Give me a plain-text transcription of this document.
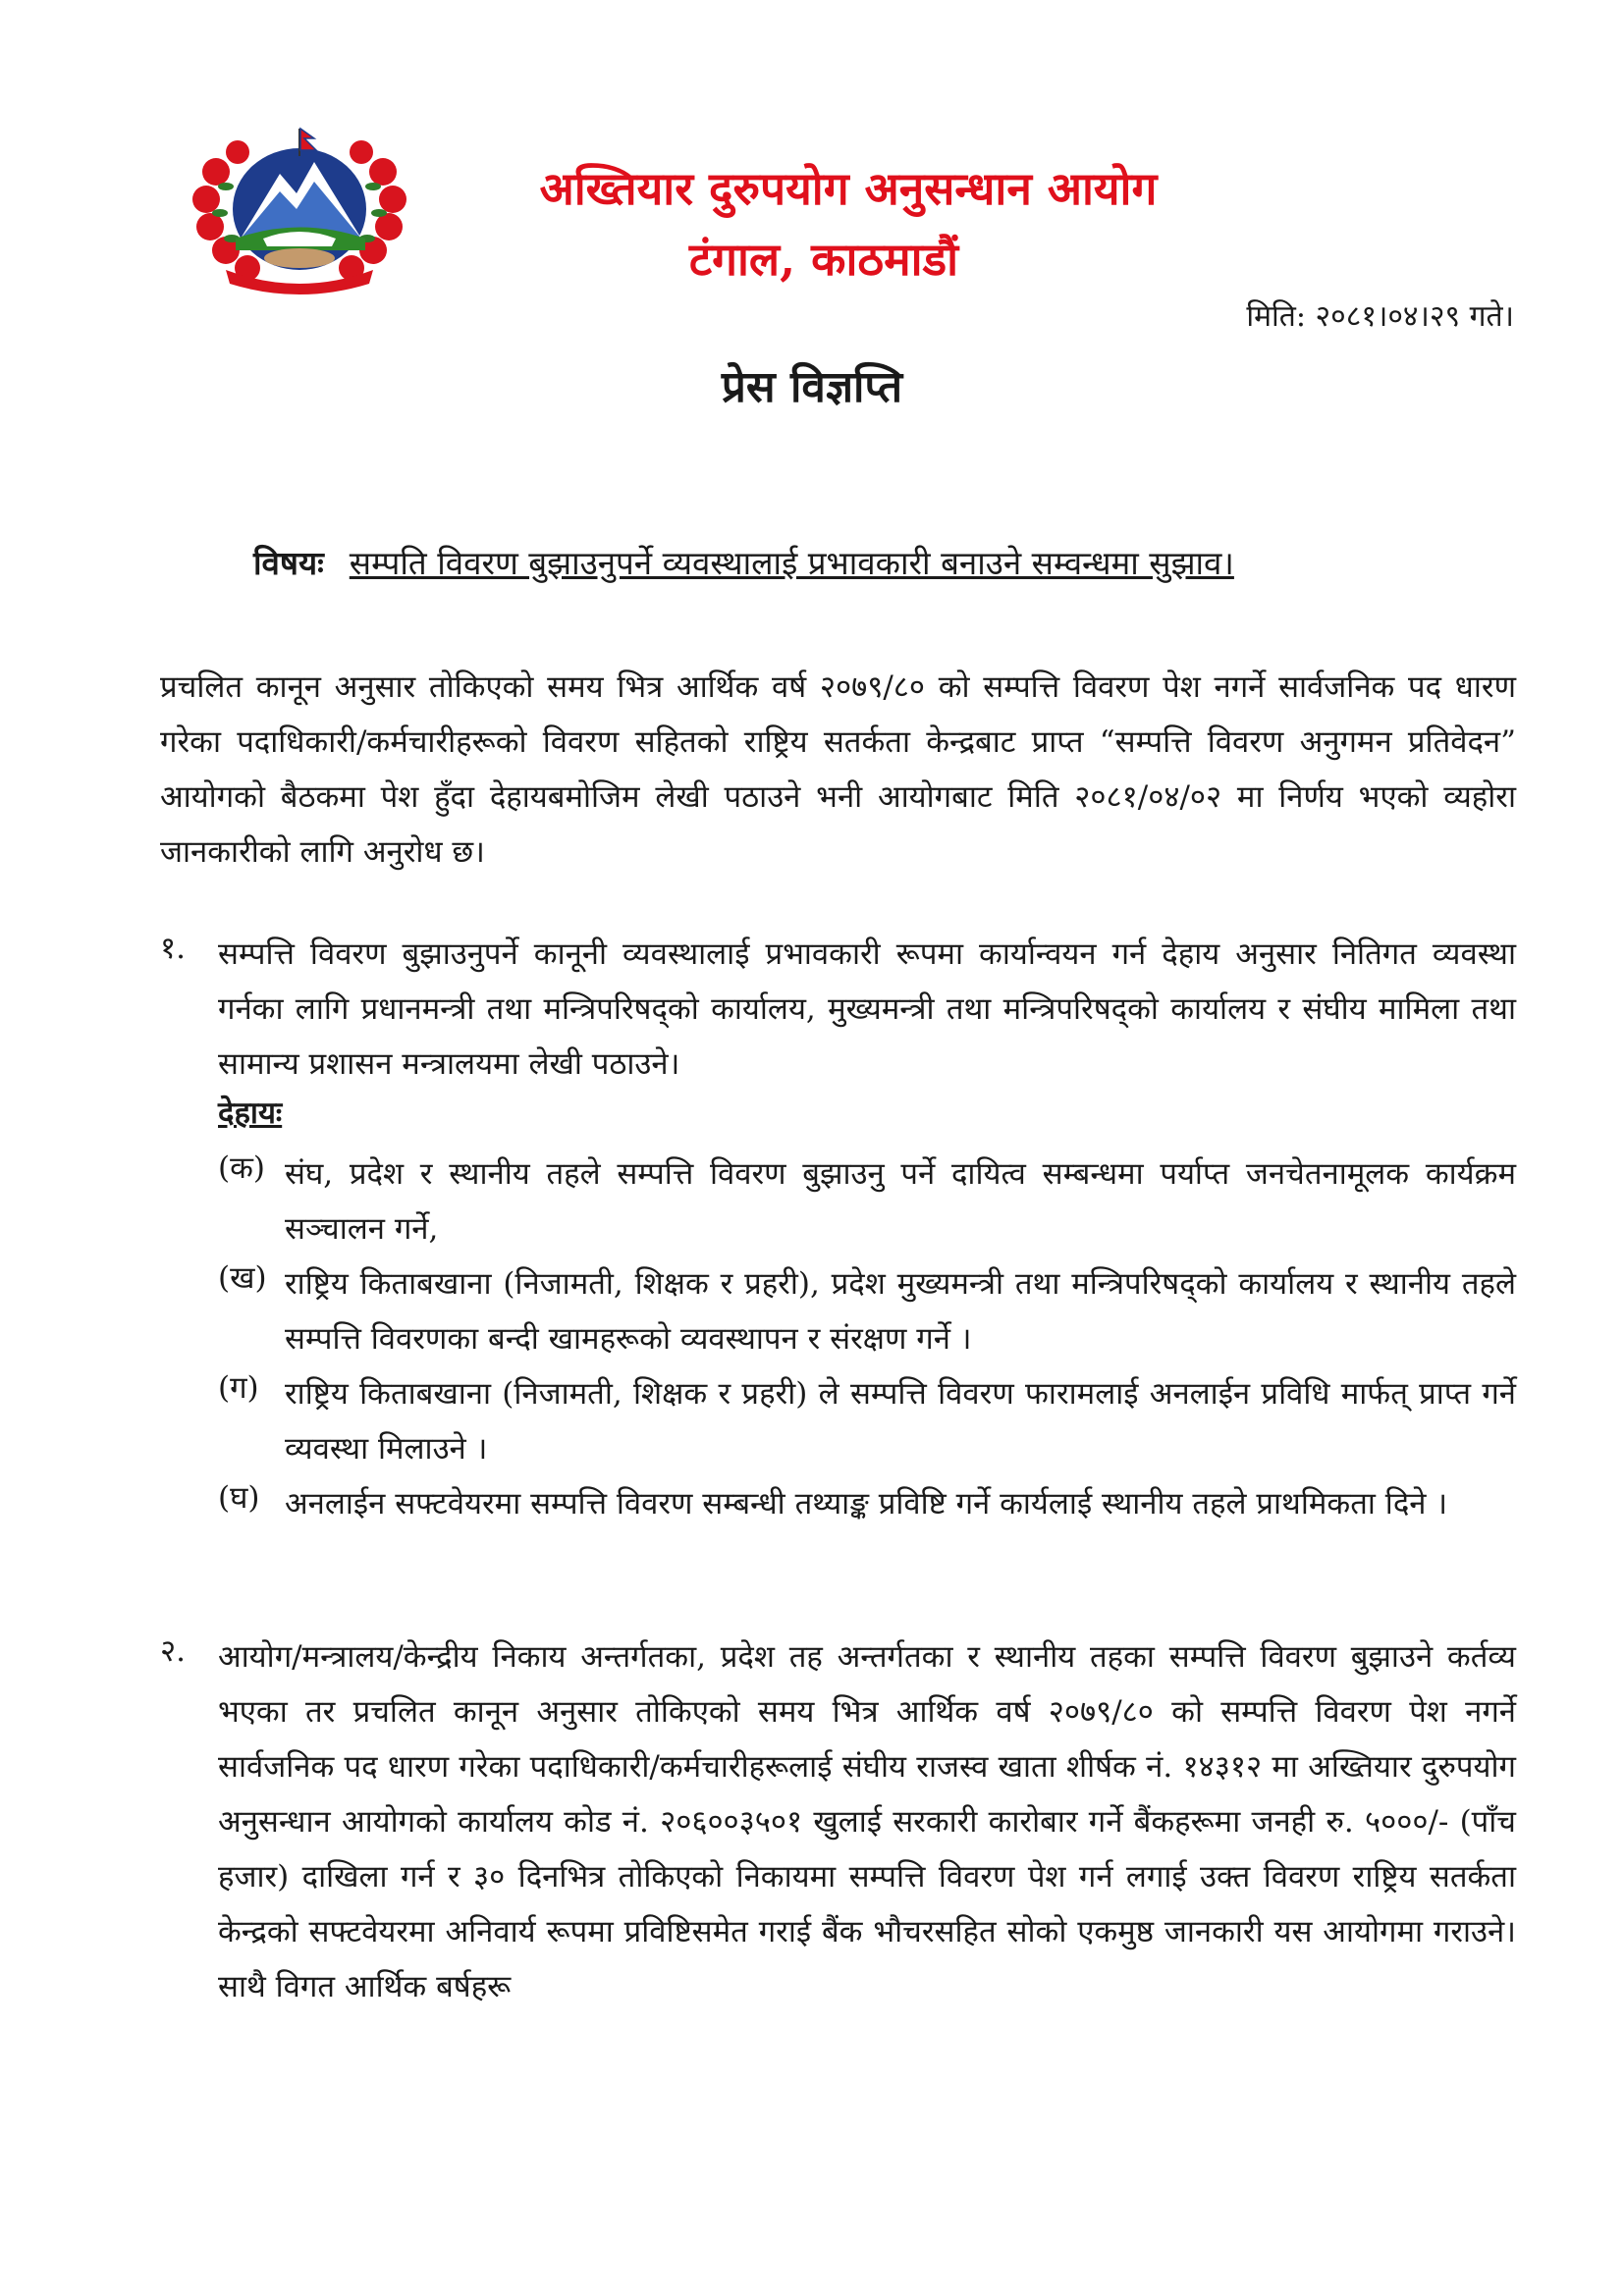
अख्तियार दुरुपयोग अनुसन्धान आयोग
टंगाल, काठमाडौं
मिति: २०८१।०४।२९ गते।
प्रेस विज्ञप्ति
विषयः सम्पति विवरण बुझाउनुपर्ने व्यवस्थालाई प्रभावकारी बनाउने सम्वन्धमा सुझाव।

प्रचलित कानून अनुसार तोकिएको समय भित्र आर्थिक वर्ष २०७९/८० को सम्पत्ति विवरण पेश नगर्ने सार्वजनिक पद धारण गरेका पदाधिकारी/कर्मचारीहरूको विवरण सहितको राष्ट्रिय सतर्कता केन्द्रबाट प्राप्त “सम्पत्ति विवरण अनुगमन प्रतिवेदन” आयोगको बैठकमा पेश हुँदा देहायबमोजिम लेखी पठाउने भनी आयोगबाट मिति २०८१/०४/०२ मा निर्णय भएको व्यहोरा जानकारीको लागि अनुरोध छ।

१. सम्पत्ति विवरण बुझाउनुपर्ने कानूनी व्यवस्थालाई प्रभावकारी रूपमा कार्यान्वयन गर्न देहाय अनुसार नितिगत व्यवस्था गर्नका लागि प्रधानमन्त्री तथा मन्त्रिपरिषद्को कार्यालय, मुख्यमन्त्री तथा मन्त्रिपरिषद्को कार्यालय र संघीय मामिला तथा सामान्य प्रशासन मन्त्रालयमा लेखी पठाउने।

देहायः
(क) संघ, प्रदेश र स्थानीय तहले सम्पत्ति विवरण बुझाउनु पर्ने दायित्व सम्बन्धमा पर्याप्त जनचेतनामूलक कार्यक्रम सञ्चालन गर्ने,

(ख) राष्ट्रिय किताबखाना (निजामती, शिक्षक र प्रहरी), प्रदेश मुख्यमन्त्री तथा मन्त्रिपरिषद्को कार्यालय र स्थानीय तहले सम्पत्ति विवरणका बन्दी खामहरूको व्यवस्थापन र संरक्षण गर्ने ।

(ग) राष्ट्रिय किताबखाना (निजामती, शिक्षक र प्रहरी) ले सम्पत्ति विवरण फारामलाई अनलाईन प्रविधि मार्फत् प्राप्त गर्ने व्यवस्था मिलाउने ।

(घ) अनलाईन सफ्टवेयरमा सम्पत्ति विवरण सम्बन्धी तथ्याङ्क प्रविष्टि गर्ने कार्यलाई स्थानीय तहले प्राथमिकता दिने ।

२. आयोग/मन्त्रालय/केन्द्रीय निकाय अन्तर्गतका, प्रदेश तह अन्तर्गतका र स्थानीय तहका सम्पत्ति विवरण बुझाउने कर्तव्य भएका तर प्रचलित कानून अनुसार तोकिएको समय भित्र आर्थिक वर्ष २०७९/८० को सम्पत्ति विवरण पेश नगर्ने सार्वजनिक पद धारण गरेका पदाधिकारी/कर्मचारीहरूलाई संघीय राजस्व खाता शीर्षक नं. १४३१२ मा अख्तियार दुरुपयोग अनुसन्धान आयोगको कार्यालय कोड नं. २०६००३५०१ खुलाई सरकारी कारोबार गर्ने बैंकहरूमा जनही रु. ५०००/- (पाँच हजार) दाखिला गर्न र ३० दिनभित्र तोकिएको निकायमा सम्पत्ति विवरण पेश गर्न लगाई उक्त विवरण राष्ट्रिय सतर्कता केन्द्रको सफ्टवेयरमा अनिवार्य रूपमा प्रविष्टिसमेत गराई बैंक भौचरसहित सोको एकमुष्ठ जानकारी यस आयोगमा गराउने।साथै विगत आर्थिक बर्षहरू
